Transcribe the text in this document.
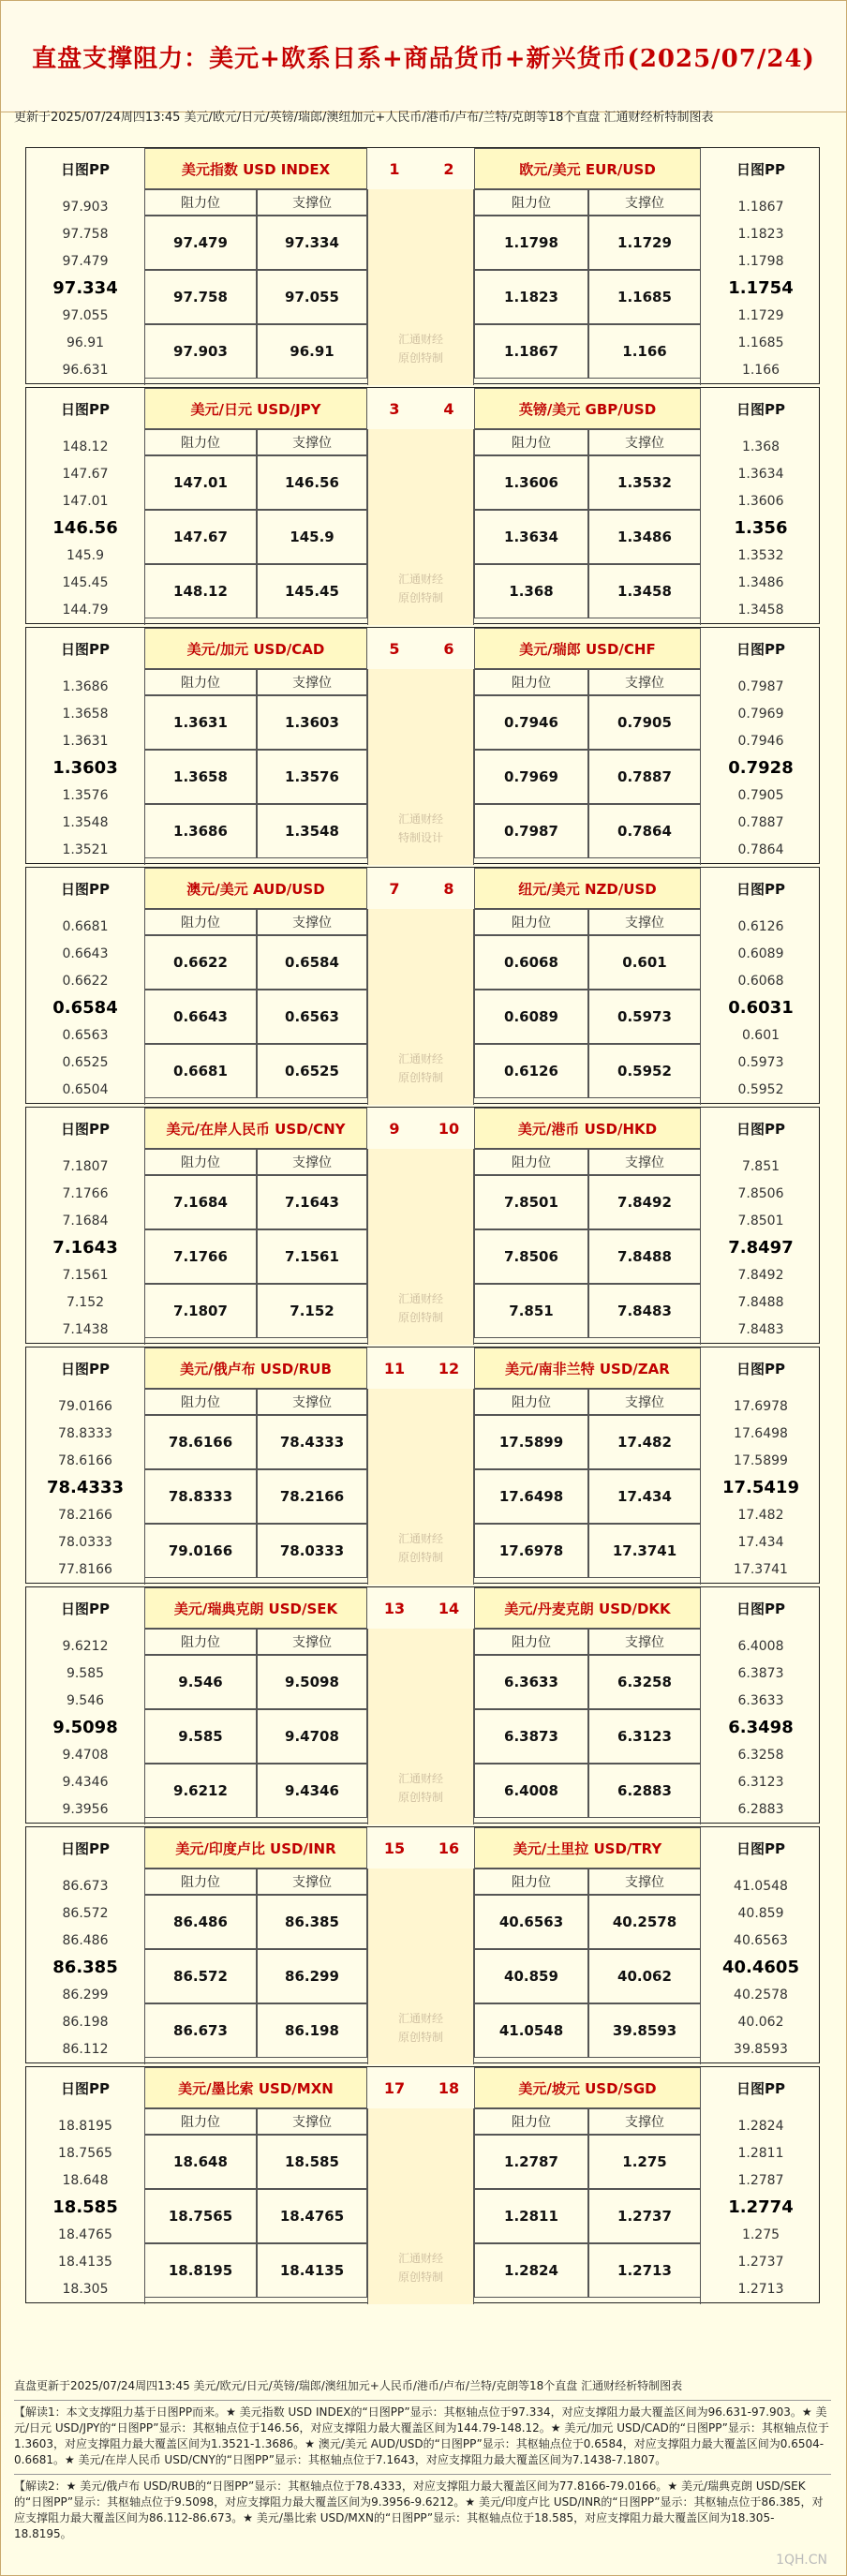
直盘支撑阻力：美元+欧系日系+商品货币+新兴货币(2025/07/24)
更新于2025/07/24周四13:45 美元/欧元/日元/英镑/瑞郎/澳纽加元+人民币/港币/卢布/兰特/克朗等18个直盘 汇通财经析特制图表
日图PP	美元指数 USD INDEX	1	2	欧元/美元 EUR/USD	日图PP
阻力位	支撑位	阻力位	支撑位
97.479	97.334	1.1798	1.1729
97.758	97.055	1.1823	1.1685
97.903	96.91	1.1867	1.166
汇通财经
原创特制
97.903	1.1867
97.758	1.1823
97.479	1.1798
97.334	1.1754
97.055	1.1729
96.91	1.1685
96.631	1.166
日图PP	美元/日元 USD/JPY	3	4	英镑/美元 GBP/USD	日图PP
阻力位	支撑位	阻力位	支撑位
147.01	146.56	1.3606	1.3532
147.67	145.9	1.3634	1.3486
148.12	145.45	1.368	1.3458
汇通财经
原创特制
148.12	1.368
147.67	1.3634
147.01	1.3606
146.56	1.356
145.9	1.3532
145.45	1.3486
144.79	1.3458
日图PP	美元/加元 USD/CAD	5	6	美元/瑞郎 USD/CHF	日图PP
阻力位	支撑位	阻力位	支撑位
1.3631	1.3603	0.7946	0.7905
1.3658	1.3576	0.7969	0.7887
1.3686	1.3548	0.7987	0.7864
汇通财经
特制设计
1.3686	0.7987
1.3658	0.7969
1.3631	0.7946
1.3603	0.7928
1.3576	0.7905
1.3548	0.7887
1.3521	0.7864
日图PP	澳元/美元 AUD/USD	7	8	纽元/美元 NZD/USD	日图PP
阻力位	支撑位	阻力位	支撑位
0.6622	0.6584	0.6068	0.601
0.6643	0.6563	0.6089	0.5973
0.6681	0.6525	0.6126	0.5952
汇通财经
原创特制
0.6681	0.6126
0.6643	0.6089
0.6622	0.6068
0.6584	0.6031
0.6563	0.601
0.6525	0.5973
0.6504	0.5952
日图PP	美元/在岸人民币 USD/CNY	9	10	美元/港币 USD/HKD	日图PP
阻力位	支撑位	阻力位	支撑位
7.1684	7.1643	7.8501	7.8492
7.1766	7.1561	7.8506	7.8488
7.1807	7.152	7.851	7.8483
汇通财经
原创特制
7.1807	7.851
7.1766	7.8506
7.1684	7.8501
7.1643	7.8497
7.1561	7.8492
7.152	7.8488
7.1438	7.8483
日图PP	美元/俄卢布 USD/RUB	11	12	美元/南非兰特 USD/ZAR	日图PP
阻力位	支撑位	阻力位	支撑位
78.6166	78.4333	17.5899	17.482
78.8333	78.2166	17.6498	17.434
79.0166	78.0333	17.6978	17.3741
汇通财经
原创特制
79.0166	17.6978
78.8333	17.6498
78.6166	17.5899
78.4333	17.5419
78.2166	17.482
78.0333	17.434
77.8166	17.3741
日图PP	美元/瑞典克朗 USD/SEK	13	14	美元/丹麦克朗 USD/DKK	日图PP
阻力位	支撑位	阻力位	支撑位
9.546	9.5098	6.3633	6.3258
9.585	9.4708	6.3873	6.3123
9.6212	9.4346	6.4008	6.2883
汇通财经
原创特制
9.6212	6.4008
9.585	6.3873
9.546	6.3633
9.5098	6.3498
9.4708	6.3258
9.4346	6.3123
9.3956	6.2883
日图PP	美元/印度卢比 USD/INR	15	16	美元/土里拉 USD/TRY	日图PP
阻力位	支撑位	阻力位	支撑位
86.486	86.385	40.6563	40.2578
86.572	86.299	40.859	40.062
86.673	86.198	41.0548	39.8593
汇通财经
原创特制
86.673	41.0548
86.572	40.859
86.486	40.6563
86.385	40.4605
86.299	40.2578
86.198	40.062
86.112	39.8593
日图PP	美元/墨比索 USD/MXN	17	18	美元/坡元 USD/SGD	日图PP
阻力位	支撑位	阻力位	支撑位
18.648	18.585	1.2787	1.275
18.7565	18.4765	1.2811	1.2737
18.8195	18.4135	1.2824	1.2713
汇通财经
原创特制
18.8195	1.2824
18.7565	1.2811
18.648	1.2787
18.585	1.2774
18.4765	1.275
18.4135	1.2737
18.305	1.2713
直盘更新于2025/07/24周四13:45 美元/欧元/日元/英镑/瑞郎/澳纽加元+人民币/港币/卢布/兰特/克朗等18个直盘 汇通财经析特制图表
【解读1：本文支撑阻力基于日图PP而来。★ 美元指数 USD INDEX的“日图PP”显示：其枢轴点位于97.334，对应支撑阻力最大覆盖区间为96.631-97.903。★ 美元/日元 USD/JPY的“日图PP”显示：其枢轴点位于146.56，对应支撑阻力最大覆盖区间为144.79-148.12。★ 美元/加元 USD/CAD的“日图PP”显示：其枢轴点位于1.3603，对应支撑阻力最大覆盖区间为1.3521-1.3686。★ 澳元/美元 AUD/USD的“日图PP”显示：其枢轴点位于0.6584，对应支撑阻力最大覆盖区间为0.6504-0.6681。★ 美元/在岸人民币 USD/CNY的“日图PP”显示：其枢轴点位于7.1643，对应支撑阻力最大覆盖区间为7.1438-7.1807。
【解读2：★ 美元/俄卢布 USD/RUB的“日图PP”显示：其枢轴点位于78.4333，对应支撑阻力最大覆盖区间为77.8166-79.0166。★ 美元/瑞典克朗 USD/SEK的“日图PP”显示：其枢轴点位于9.5098，对应支撑阻力最大覆盖区间为9.3956-9.6212。★ 美元/印度卢比 USD/INR的“日图PP”显示：其枢轴点位于86.385，对应支撑阻力最大覆盖区间为86.112-86.673。★ 美元/墨比索 USD/MXN的“日图PP”显示：其枢轴点位于18.585，对应支撑阻力最大覆盖区间为18.305-18.8195。
1QH.CN
